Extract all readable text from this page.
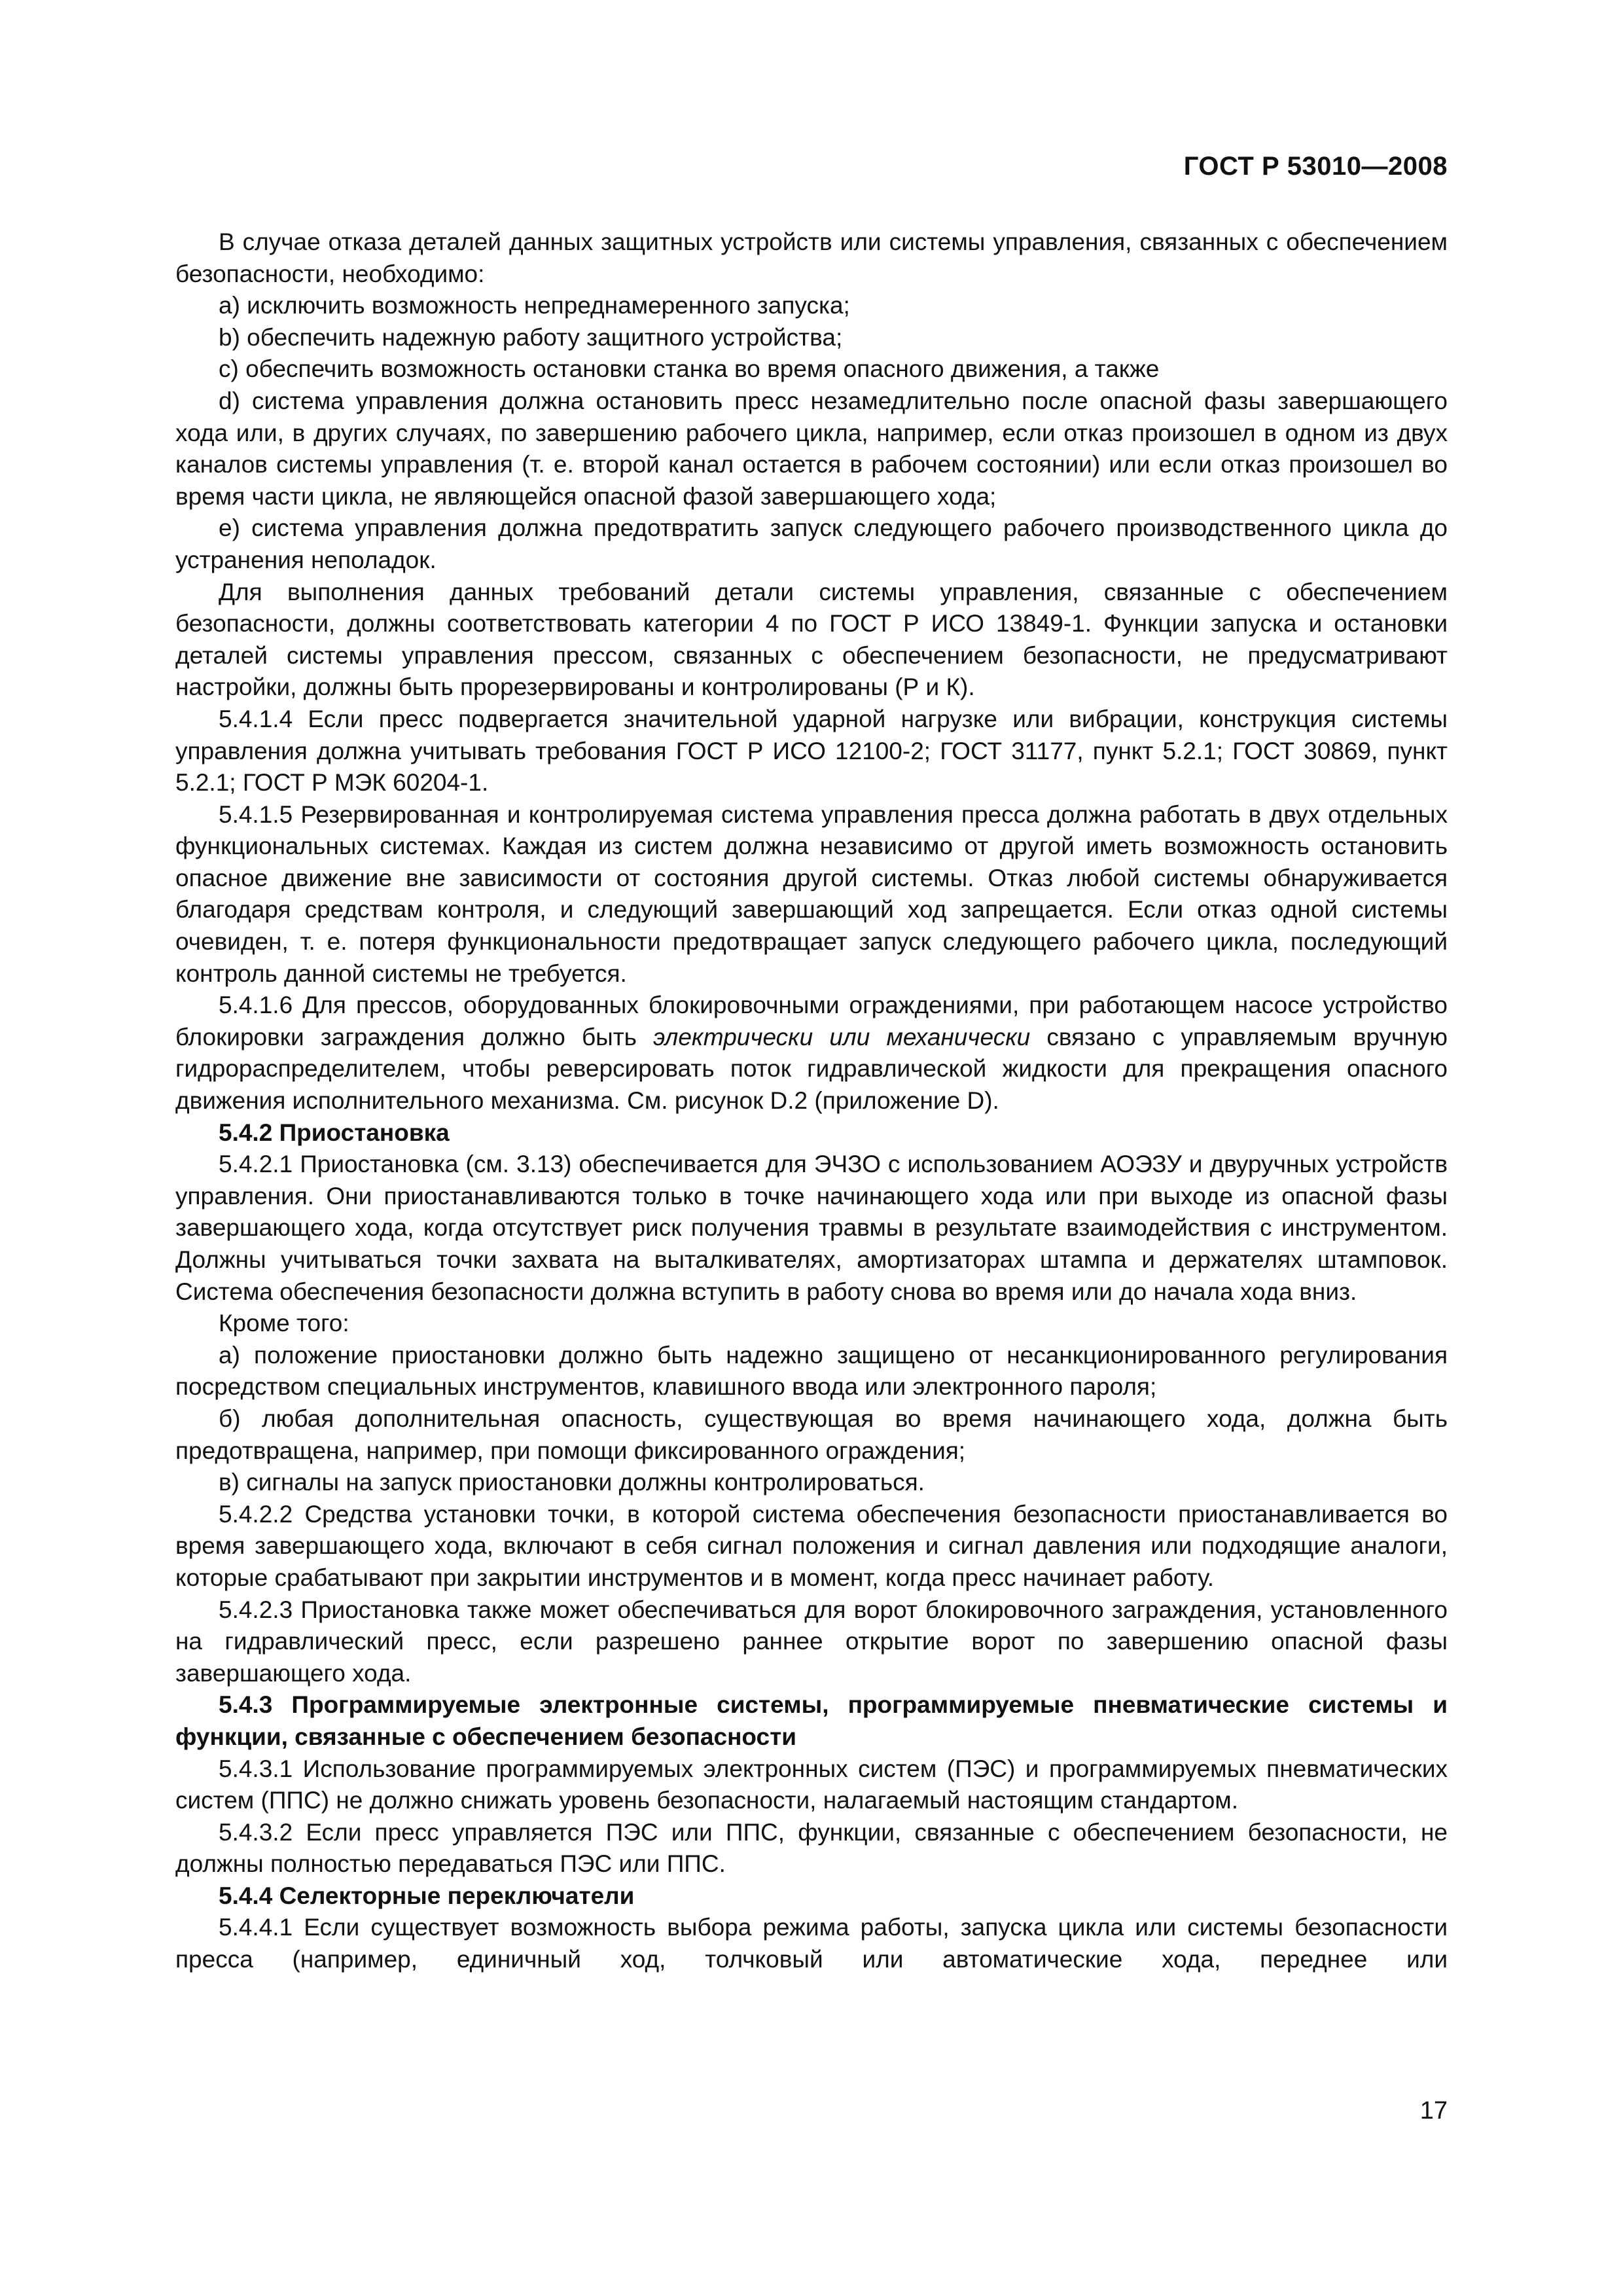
ГОСТ Р 53010—2008

В случае отказа деталей данных защитных устройств или системы управления, связанных с обеспечением безопасности, необходимо:

a) исключить возможность непреднамеренного запуска;

b) обеспечить надежную работу защитного устройства;

c) обеспечить возможность остановки станка во время опасного движения, а также

d) система управления должна остановить пресс незамедлительно после опасной фазы завершающего хода или, в других случаях, по завершению рабочего цикла, например, если отказ произошел в одном из двух каналов системы управления (т. е. второй канал остается в рабочем состоянии) или если отказ произошел во время части цикла, не являющейся опасной фазой завершающего хода;

e) система управления должна предотвратить запуск следующего рабочего производственного цикла до устранения неполадок.

Для выполнения данных требований детали системы управления, связанные с обеспечением безопасности, должны соответствовать категории 4 по ГОСТ Р ИСО 13849-1. Функции запуска и остановки деталей системы управления прессом, связанных с обеспечением безопасности, не предусматривают настройки, должны быть прорезервированы и контролированы (Р и К).

5.4.1.4 Если пресс подвергается значительной ударной нагрузке или вибрации, конструкция системы управления должна учитывать требования ГОСТ Р ИСО 12100-2; ГОСТ 31177, пункт 5.2.1; ГОСТ 30869, пункт 5.2.1; ГОСТ Р МЭК 60204-1.

5.4.1.5 Резервированная и контролируемая система управления пресса должна работать в двух отдельных функциональных системах. Каждая из систем должна независимо от другой иметь возможность остановить опасное движение вне зависимости от состояния другой системы. Отказ любой системы обнаруживается благодаря средствам контроля, и следующий завершающий ход запрещается. Если отказ одной системы очевиден, т. е. потеря функциональности предотвращает запуск следующего рабочего цикла, последующий контроль данной системы не требуется.

5.4.1.6 Для прессов, оборудованных блокировочными ограждениями, при работающем насосе устройство блокировки заграждения должно быть электрически или механически связано с управляемым вручную гидрораспределителем, чтобы реверсировать поток гидравлической жидкости для прекращения опасного движения исполнительного механизма. См. рисунок D.2 (приложение D).

5.4.2 Приостановка

5.4.2.1 Приостановка (см. 3.13) обеспечивается для ЭЧЗО с использованием АОЭЗУ и двуручных устройств управления. Они приостанавливаются только в точке начинающего хода или при выходе из опасной фазы завершающего хода, когда отсутствует риск получения травмы в результате взаимодействия с инструментом. Должны учитываться точки захвата на выталкивателях, амортизаторах штампа и держателях штамповок. Система обеспечения безопасности должна вступить в работу снова во время или до начала хода вниз.

Кроме того:

а) положение приостановки должно быть надежно защищено от несанкционированного регулирования посредством специальных инструментов, клавишного ввода или электронного пароля;

б) любая дополнительная опасность, существующая во время начинающего хода, должна быть предотвращена, например, при помощи фиксированного ограждения;

в) сигналы на запуск приостановки должны контролироваться.

5.4.2.2 Средства установки точки, в которой система обеспечения безопасности приостанавливается во время завершающего хода, включают в себя сигнал положения и сигнал давления или подходящие аналоги, которые срабатывают при закрытии инструментов и в момент, когда пресс начинает работу.

5.4.2.3 Приостановка также может обеспечиваться для ворот блокировочного заграждения, установленного на гидравлический пресс, если разрешено раннее открытие ворот по завершению опасной фазы завершающего хода.

5.4.3 Программируемые электронные системы, программируемые пневматические системы и функции, связанные с обеспечением безопасности

5.4.3.1 Использование программируемых электронных систем (ПЭС) и программируемых пневматических систем (ППС) не должно снижать уровень безопасности, налагаемый настоящим стандартом.

5.4.3.2 Если пресс управляется ПЭС или ППС, функции, связанные с обеспечением безопасности, не должны полностью передаваться ПЭС или ППС.

5.4.4 Селекторные переключатели

5.4.4.1 Если существует возможность выбора режима работы, запуска цикла или системы безопасности пресса (например, единичный ход, толчковый или автоматические хода, переднее или

17
